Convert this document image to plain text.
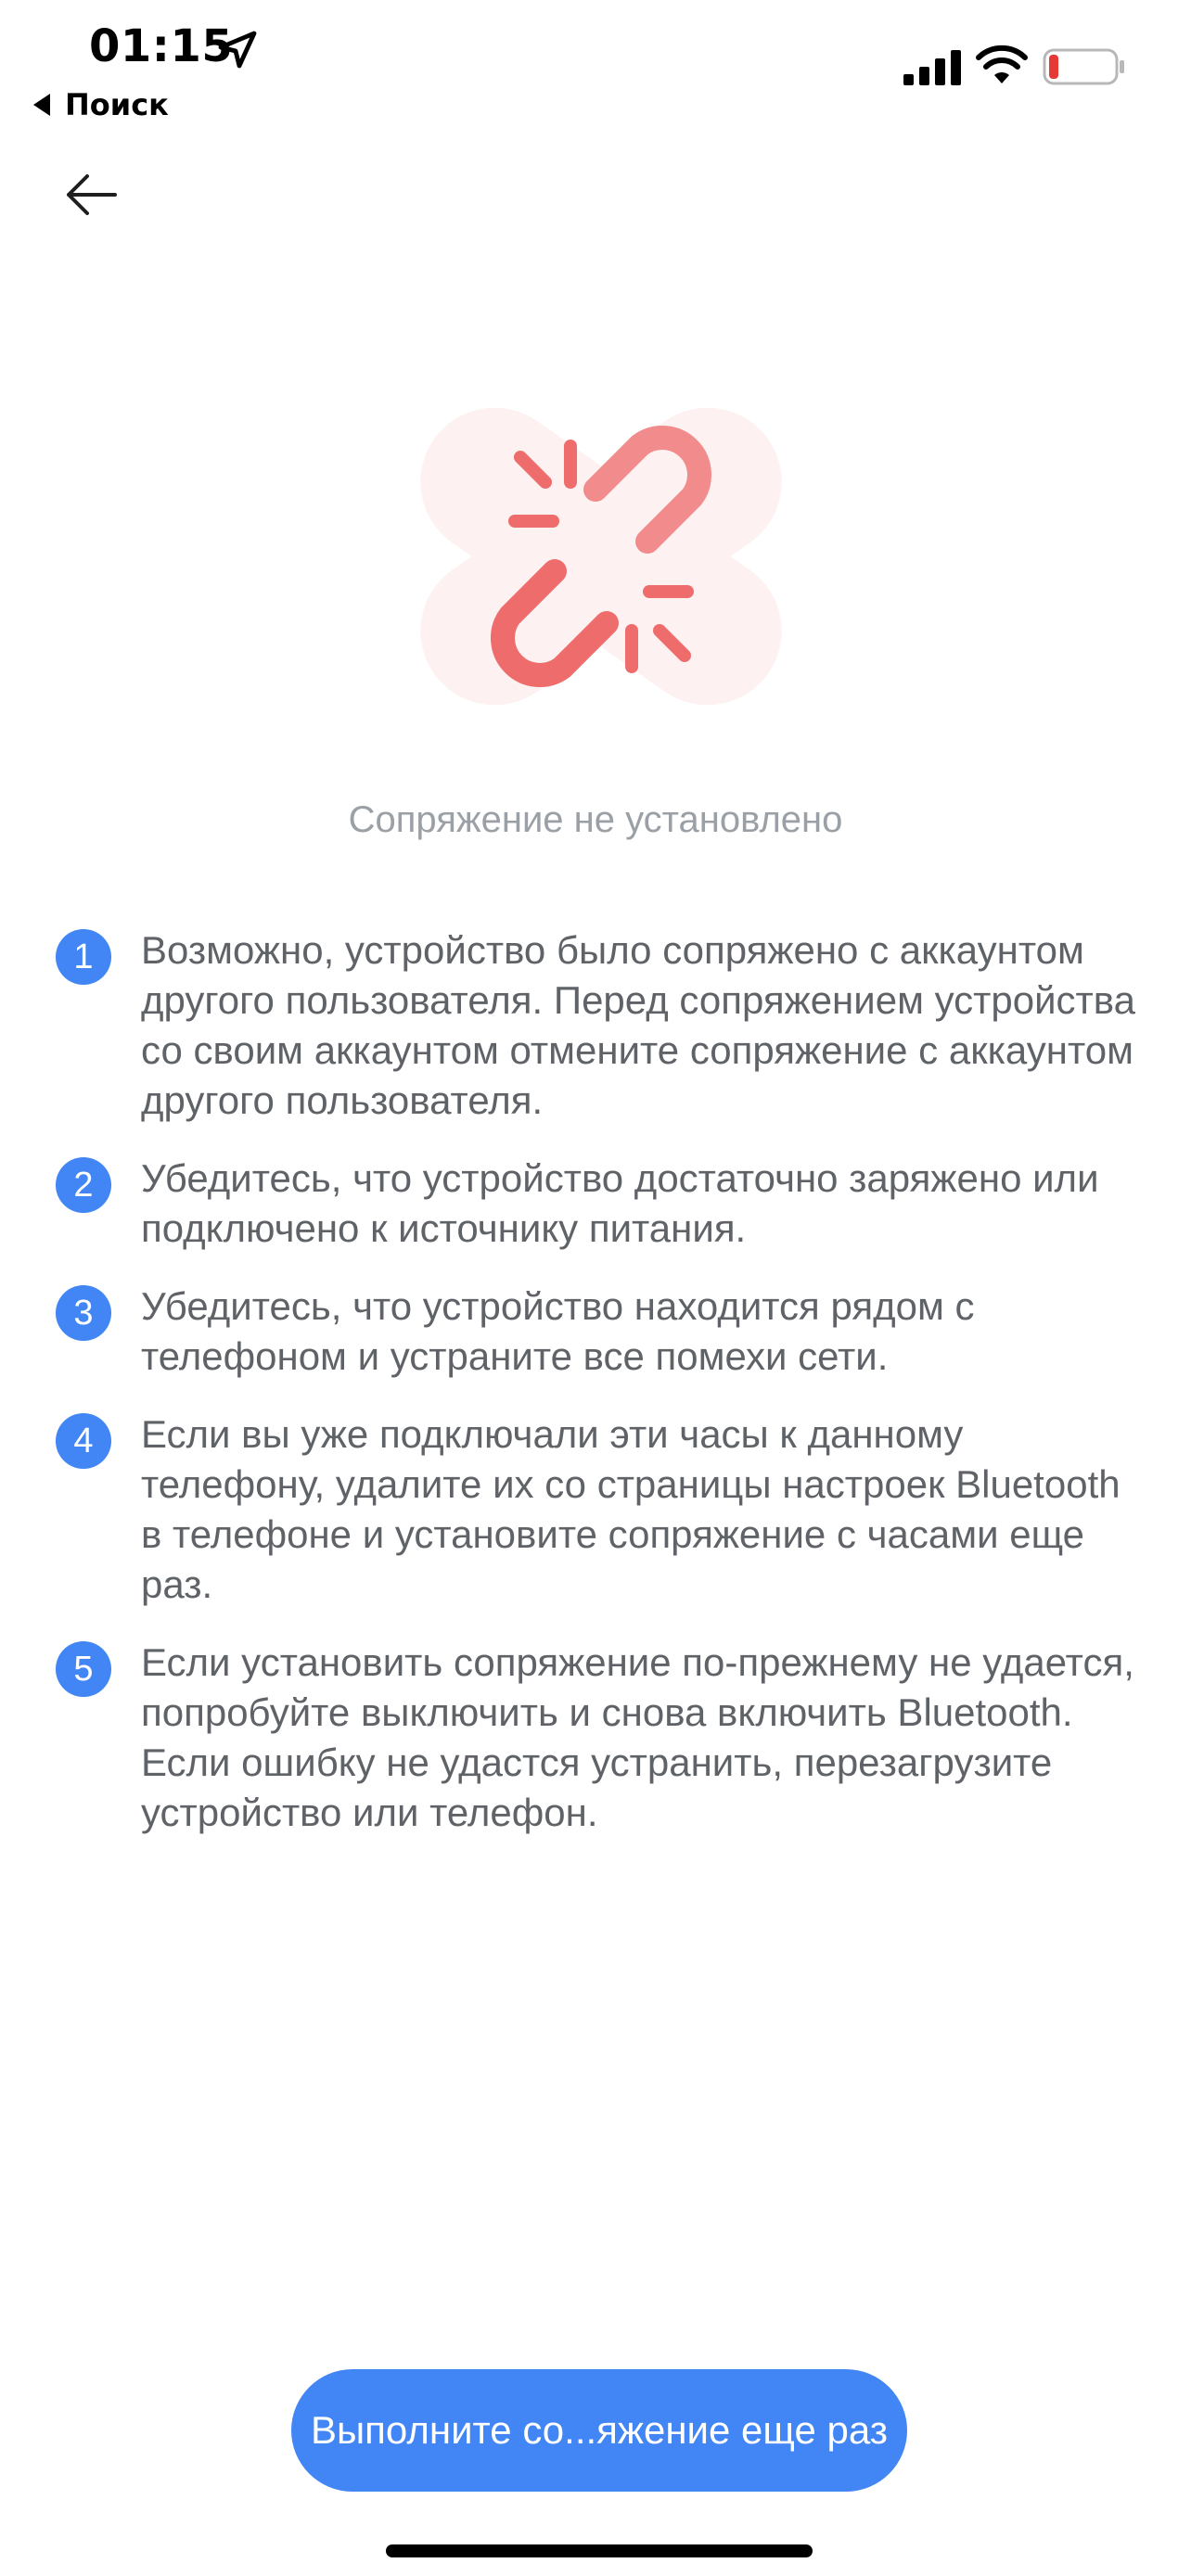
01:15
Поиск
Сопряжение не установлено
1	Возможно, устройство было сопряжено с аккаунтом другого пользователя. Перед сопряжением устройства со своим аккаунтом отмените сопряжение с аккаунтом другого пользователя.
2	Убедитесь, что устройство достаточно заряжено или подключено к источнику питания.
3	Убедитесь, что устройство находится рядом с телефоном и устраните все помехи сети.
4	Если вы уже подключали эти часы к данному телефону, удалите их со страницы настроек Bluetooth в телефоне и установите сопряжение с часами еще раз.
5	Если установить сопряжение по-прежнему не удается, попробуйте выключить и снова включить Bluetooth. Если ошибку не удастся устранить, перезагрузите устройство или телефон.
Выполните со...яжение еще раз
